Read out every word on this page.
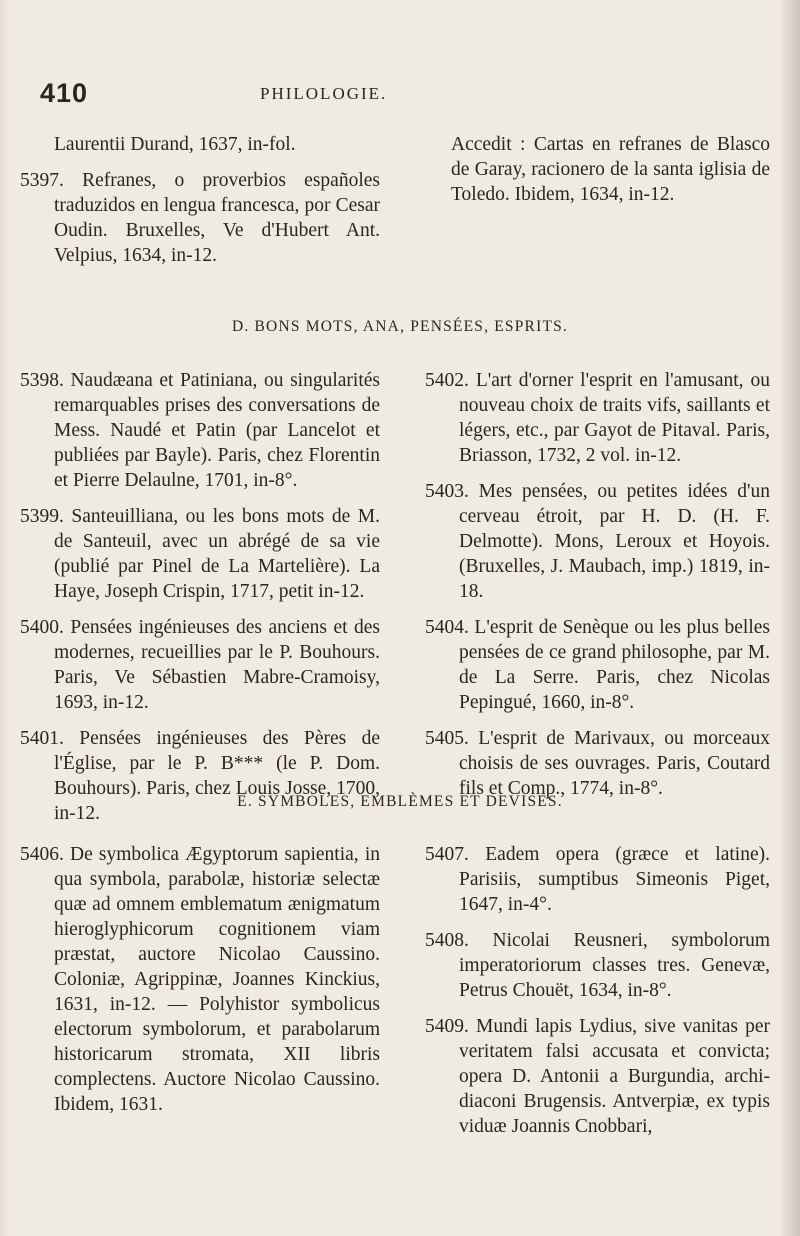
410	PHILOLOGIE.

Laurentii Durand, 1637, in-fol.

5397. Refranes, o proverbios españoles traduzidos en lengua francesca, por Cesar Oudin. Bruxelles, Ve d'Hubert Ant. Velpius, 1634, in-12.

Accedit : Cartas en refranes de Blasco de Garay, racionero de la santa iglisia de Toledo. Ibidem, 1634, in-12.

D. BONS MOTS, ANA, PENSÉES, ESPRITS.

5398. Naudæana et Patiniana, ou singularités remarquables prises des conversations de Mess. Naudé et Patin (par Lancelot et publiées par Bayle). Paris, chez Florentin et Pierre Delaulne, 1701, in-8°.

5399. Santeuilliana, ou les bons mots de M. de Santeuil, avec un abrégé de sa vie (publié par Pinel de La Martelière). La Haye, Joseph Crispin, 1717, petit in-12.

5400. Pensées ingénieuses des anciens et des modernes, recueillies par le P. Bouhours. Paris, Ve Sébastien Mabre-Cramoisy, 1693, in-12.

5401. Pensées ingénieuses des Pères de l'Église, par le P. B*** (le P. Dom. Bouhours). Paris, chez Louis Josse, 1700, in-12.

5402. L'art d'orner l'esprit en l'amusant, ou nouveau choix de traits vifs, saillants et légers, etc., par Gayot de Pitaval. Paris, Briasson, 1732, 2 vol. in-12.

5403. Mes pensées, ou petites idées d'un cerveau étroit, par H. D. (H. F. Delmotte). Mons, Leroux et Hoyois. (Bruxelles, J. Maubach, imp.) 1819, in-18.

5404. L'esprit de Senèque ou les plus belles pensées de ce grand philosophe, par M. de La Serre. Paris, chez Nicolas Pepingué, 1660, in-8°.

5405. L'esprit de Marivaux, ou morceaux choisis de ses ouvrages. Paris, Coutard fils et Comp., 1774, in-8°.

E. SYMBOLES, EMBLÈMES ET DEVISES.

5406. De symbolica Ægyptorum sapientia, in qua symbola, parabolæ, historiæ selectæ quæ ad omnem emblematum ænigmatum hieroglyphicorum cognitionem viam præstat, auctore Nicolao Caussino. Coloniæ, Agrippinæ, Joannes Kinckius, 1631, in-12. — Polyhistor symbolicus electorum symbolorum, et parabolarum historicarum stromata, XII libris complectens. Auctore Nicolao Caussino. Ibidem, 1631.

5407. Eadem opera (græce et latine). Parisiis, sumptibus Simeonis Piget, 1647, in-4°.

5408. Nicolai Reusneri, symbolorum imperatoriorum classes tres. Genevæ, Petrus Chouët, 1634, in-8°.

5409. Mundi lapis Lydius, sive vanitas per veritatem falsi accusata et convicta; opera D. Antonii a Burgundia, archi-diaconi Brugensis. Antverpiæ, ex typis viduæ Joannis Cnobbari,
